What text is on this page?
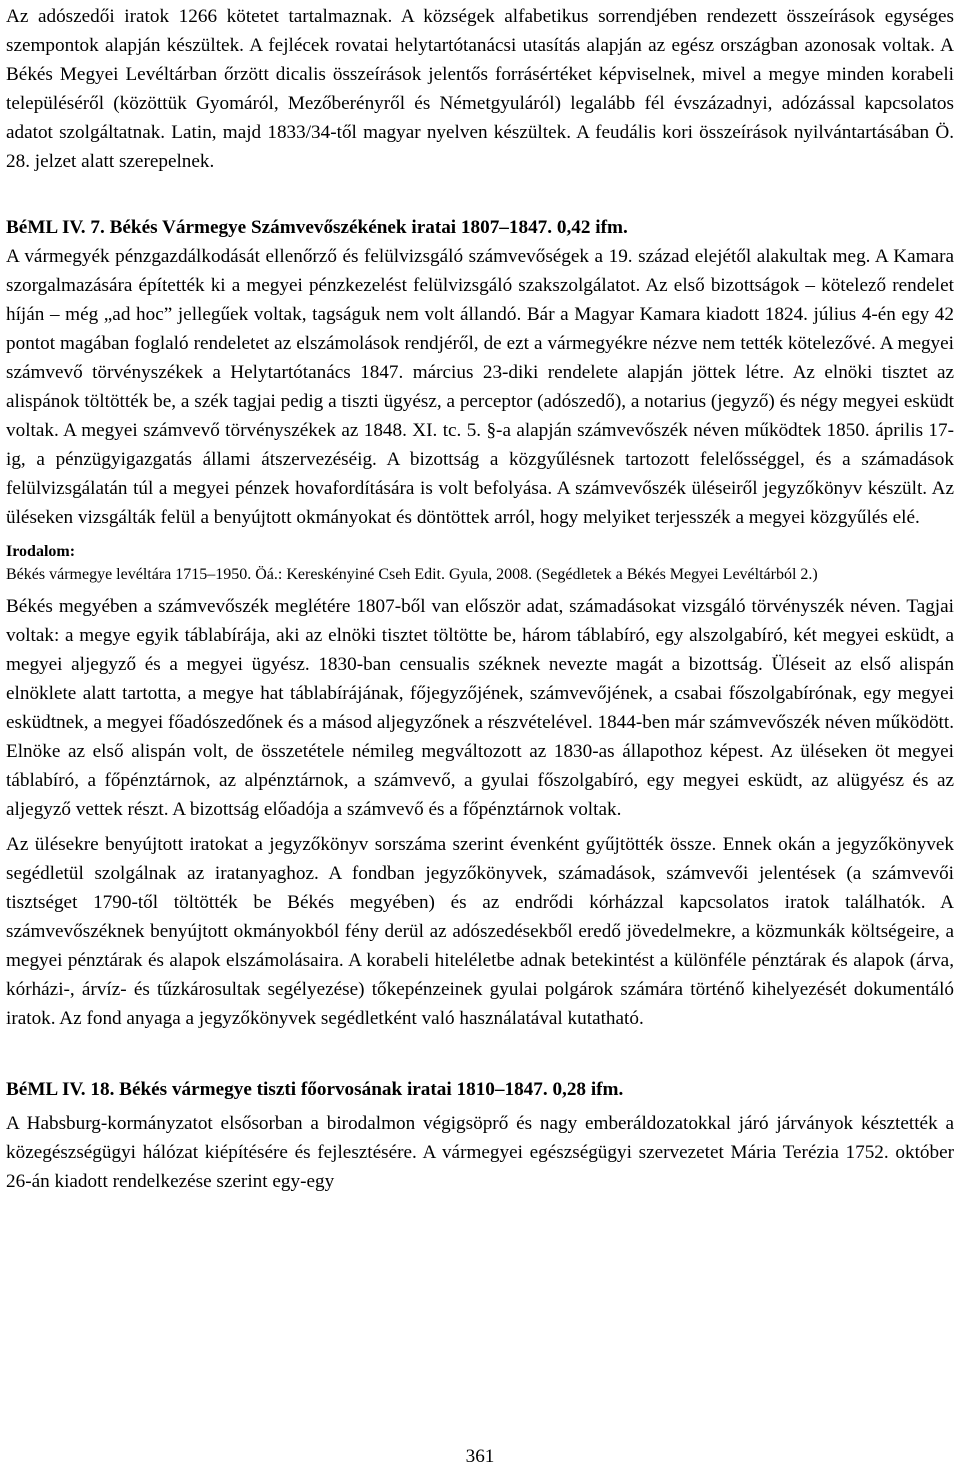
Az adószedői iratok 1266 kötetet tartalmaznak. A községek alfabetikus sorrendjében rendezett összeírások egységes szempontok alapján készültek. A fejlécek rovatai helytartótanácsi utasítás alapján az egész országban azonosak voltak. A Békés Megyei Levéltárban őrzött dicalis összeírások jelentős forrásértéket képviselnek, mivel a megye minden korabeli településéről (közöttük Gyomáról, Mezőberényről és Németgyuláról) legalább fél évszázadnyi, adózással kapcsolatos adatot szolgáltatnak. Latin, majd 1833/34-től magyar nyelven készültek. A feudális kori összeírások nyilvántartásában Ö. 28. jelzet alatt szerepelnek.

BéML IV. 7. Békés Vármegye Számvevőszékének iratai 1807–1847. 0,42 ifm.

A vármegyék pénzgazdálkodását ellenőrző és felülvizsgáló számvevőségek a 19. század elejétől alakultak meg. A Kamara szorgalmazására építették ki a megyei pénzkezelést felülvizsgáló szakszolgálatot. Az első bizottságok – kötelező rendelet híján – még „ad hoc” jellegűek voltak, tagságuk nem volt állandó. Bár a Magyar Kamara kiadott 1824. július 4-én egy 42 pontot magában foglaló rendeletet az elszámolások rendjéről, de ezt a vármegyékre nézve nem tették kötelezővé. A megyei számvevő törvényszékek a Helytartótanács 1847. március 23-diki rendelete alapján jöttek létre. Az elnöki tisztet az alispánok töltötték be, a szék tagjai pedig a tiszti ügyész, a perceptor (adószedő), a notarius (jegyző) és négy megyei esküdt voltak. A megyei számvevő törvényszékek az 1848. XI. tc. 5. §-a alapján számvevőszék néven működtek 1850. április 17-ig, a pénzügyigazgatás állami átszervezéséig. A bizottság a közgyűlésnek tartozott felelősséggel, és a számadások felülvizsgálatán túl a megyei pénzek hovafordítására is volt befolyása. A számvevőszék üléseiről jegyzőkönyv készült. Az üléseken vizsgálták felül a benyújtott okmányokat és döntöttek arról, hogy melyiket terjesszék a megyei közgyűlés elé.

Irodalom:

Békés vármegye levéltára 1715–1950. Öá.: Kereskényiné Cseh Edit. Gyula, 2008. (Segédletek a Békés Megyei Levéltárból 2.)

Békés megyében a számvevőszék meglétére 1807-ből van először adat, számadásokat vizsgáló törvényszék néven. Tagjai voltak: a megye egyik táblabírája, aki az elnöki tisztet töltötte be, három táblabíró, egy alszolgabíró, két megyei esküdt, a megyei aljegyző és a megyei ügyész. 1830-ban censualis széknek nevezte magát a bizottság. Üléseit az első alispán elnöklete alatt tartotta, a megye hat táblabírájának, főjegyzőjének, számvevőjének, a csabai főszolgabírónak, egy megyei esküdtnek, a megyei főadószedőnek és a másod aljegyzőnek a részvételével. 1844-ben már számvevőszék néven működött. Elnöke az első alispán volt, de összetétele némileg megváltozott az 1830-as állapothoz képest. Az üléseken öt megyei táblabíró, a főpénztárnok, az alpénztárnok, a számvevő, a gyulai főszolgabíró, egy megyei esküdt, az alügyész és az aljegyző vettek részt. A bizottság előadója a számvevő és a főpénztárnok voltak.

Az ülésekre benyújtott iratokat a jegyzőkönyv sorszáma szerint évenként gyűjtötték össze. Ennek okán a jegyzőkönyvek segédletül szolgálnak az iratanyaghoz. A fondban jegyzőkönyvek, számadások, számvevői jelentések (a számvevői tisztséget 1790-től töltötték be Békés megyében) és az endrődi kórházzal kapcsolatos iratok találhatók. A számvevőszéknek benyújtott okmányokból fény derül az adószedésekből eredő jövedelmekre, a közmunkák költségeire, a megyei pénztárak és alapok elszámolásaira. A korabeli hiteléletbe adnak betekintést a különféle pénztárak és alapok (árva, kórházi-, árvíz- és tűzkárosultak segélyezése) tőkepénzeinek gyulai polgárok számára történő kihelyezését dokumentáló iratok. Az fond anyaga a jegyzőkönyvek segédletként való használatával kutatható.

BéML IV. 18. Békés vármegye tiszti főorvosának iratai 1810–1847. 0,28 ifm.

A Habsburg-kormányzatot elsősorban a birodalmon végigsöprő és nagy emberáldozatokkal járó járványok késztették a közegészségügyi hálózat kiépítésére és fejlesztésére. A vármegyei egészségügyi szervezetet Mária Terézia 1752. október 26-án kiadott rendelkezése szerint egy-egy

361
